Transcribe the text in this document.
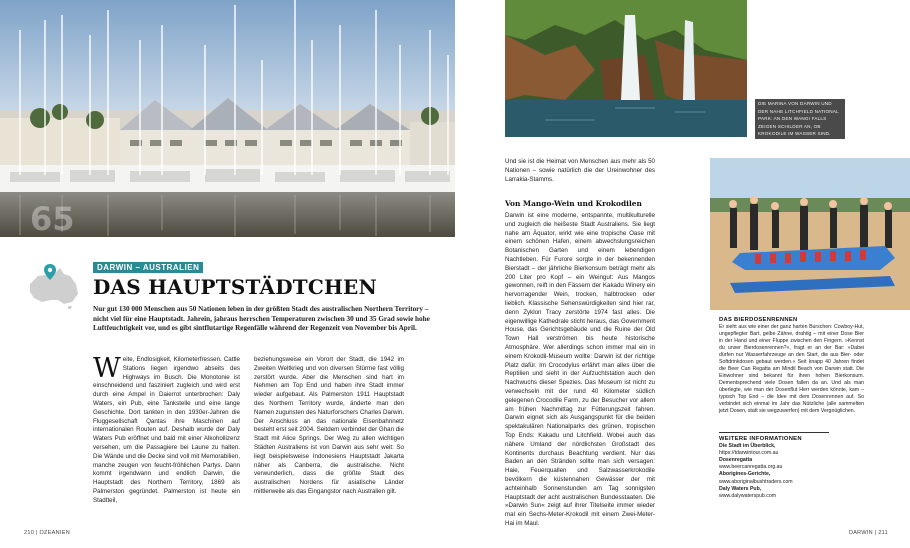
65
DARWIN – AUSTRALIEN
DAS HAUPTSTÄDTCHEN

Nur gut 130 000 Menschen aus 50 Nationen leben in der größten Stadt des australischen Northern Territory – nicht viel für eine Hauptstadt. Jahrein, jahraus herrschen Temperaturen zwischen 30 und 35 Grad sowie hohe Luftfeuchtigkeit vor, und es gibt sintflutartige Regenfälle während der Regenzeit von November bis April.

Weite, Endlosigkeit, Kilometerfressen. Cattle Stations liegen irgendwo abseits des Highways im Busch. Die Monotonie ist einschneidend und fasziniert zugleich und wird erst durch eine Ampel in Daierrot unterbrochen: Daly Waters, ein Pub, eine Tankstelle und eine lange Geschichte. Dort tankten in den 1930er-Jahren die Fluggesellschaft Qantas ihre Maschinen auf internationalen Routen auf. Deshalb wurde der Daly Waters Pub eröffnet und bald mit einer Alkohollizenz versehen, um die Passagiere bei Laune zu halten. Die Wände und die Decke sind voll mit Memorabilien, manche zeugen von feucht-fröhlichen Partys. Dann kommt irgendwann und endlich Darwin, die Hauptstadt des Northern Territory, 1869 als Palmerston gegründet. Palmerston ist heute ein Stadtteil,
beziehungsweise ein Vorort der Stadt, die 1942 im Zweiten Weltkrieg und von diversen Stürme fast völlig zerstört wurde. Aber die Menschen sind hart im Nehmen am Top End und haben ihre Stadt immer wieder aufgebaut. Als Palmerston 1911 Hauptstadt des Northern Territory wurde, änderte man den Namen zugunsten des Naturforschers Charles Darwin. Der Anschluss an das nationale Eisenbahnnetz besteht erst seit 2004. Seitdem verbindet der Ghan die Stadt mit Alice Springs. Der Weg zu allen wichtigen Städten Australiens ist von Darwin aus sehr weit: So liegt beispielsweise Indonesiens Hauptstadt Jakarta näher als Canberra, die australische. Nicht verwunderlich, dass die größte Stadt des australischen Nordens für asiatische Länder mittlerweile als das Eingangstor nach Australien gilt.
210 | OZEANIEN
DIE MARINA VON DARWIN UND DER NAHE LITCHFIELD NATIONAL PARK: AN DEN WANGI FALLS ZEIGEN SCHILDER AN, OB KROKODILE IM WASSER SIND.
Und sie ist die Heimat von Menschen aus mehr als 50 Nationen – sowie natürlich die der Ureinwohner des Larrakia-Stamms.
Von Mango-Wein und Krokodilen
Darwin ist eine moderne, entspannte, multikulturelle und zugleich die heißeste Stadt Australiens. Sie liegt nahe am Äquator, wirkt wie eine tropische Oase mit einem schönen Hafen, einem abwechslungsreichen Botanischen Garten und einem lebendigen Nachtleben. Für Furore sorgte in der bekennenden Bierstadt – der jährliche Bierkonsum beträgt mehr als 200 Liter pro Kopf – ein Weingut: Aus Mangos gewonnen, reift in den Fässern der Kakadu Winery ein hervorragender Wein, trocken, halbtrocken oder lieblich. Klassische Sehenswürdigkeiten sind hier rar, denn Zyklon Tracy zerstörte 1974 fast alles. Die eigenwillige Kathedrale sticht heraus, das Government House, das Gerichtsgebäude und die Ruine der Old Town Hall verströmen bis heute historische Atmosphäre. Wer allerdings schon immer mal ein in einem Krokodil-Museum wollte: Darwin ist der richtige Platz dafür. Im Crocodylus erfährt man alles über die Reptilien und sieht in der Aufzuchtstation auch den Nachwuchs dieser Spezies. Das Museum ist nicht zu verwechseln mit der rund 40 Kilometer südlich gelegenen Crocodile Farm, zu der Besucher vor allem am frühen Nachmittag zur Fütterungszeit fahren. Darwin eignet sich als Ausgangspunkt für die beiden spektakulären Nationalparks des grünen, tropischen Top Ends: Kakadu und Litchfield. Wobei auch das nähere Umland der nördlichsten Großstadt des Kontinents durchaus Beachtung verdient. Nur das Baden an den Stränden sollte man sich versagen: Haie, Feuerquallen und Salzwasserkrokodile bevölkern die küstennahen Gewässer der mit achteinhalb Sonnenstunden am Tag sonnigsten Hauptstadt der acht australischen Bundesstaaten. Die »Darwin Sun« zeigt auf ihrer Titelseite immer wieder mal ein Sechs-Meter-Krokodil mit einem Zwei-Meter-Hai im Maul.
DAS BIERDOSENRENNEN
Er sieht aus wie einer der ganz harten Burschen: Cowboy-Hut, ungepflegter Bart, gelbe Zähne, drahtig – mit einer Dose Bier in der Hand und einer Fluppe zwischen den Fingern. »Kennst du unser Bierdosenrennen?«, fragt er an der Bar: »Dabei dürfen nur Wasserfahrzeuge an den Start, die aus Bier- oder Softdrinkdosen gebaut werden.« Seit knapp 40 Jahren findet die Beer Can Regatta am Mindil Beach von Darwin statt. Die Einwohner sind bekannt für ihren hohen Bierkonsum. Dementsprechend viele Dosen fallen da an. Und als man überlegte, wie man der Dosenflut Herr werden könnte, kam – typisch Top End – die Idee mit dem Dosenrennen auf. So verbindet sich einmal im Jahr das Nützliche (alle sammelten jetzt Dosen, statt sie wegzuwerfen) mit dem Vergnüglichen.
WEITERE INFORMATIONEN
Die Stadt im Überblick,
https://tdarwintour.com.au
Dosenregatta
www.beercanregatta.org.au
Aborigines-Gerichte,
www.aboriginalbushtraders.com
Daly Waters Pub,
www.dalywaterspub.com
DARWIN | 211
